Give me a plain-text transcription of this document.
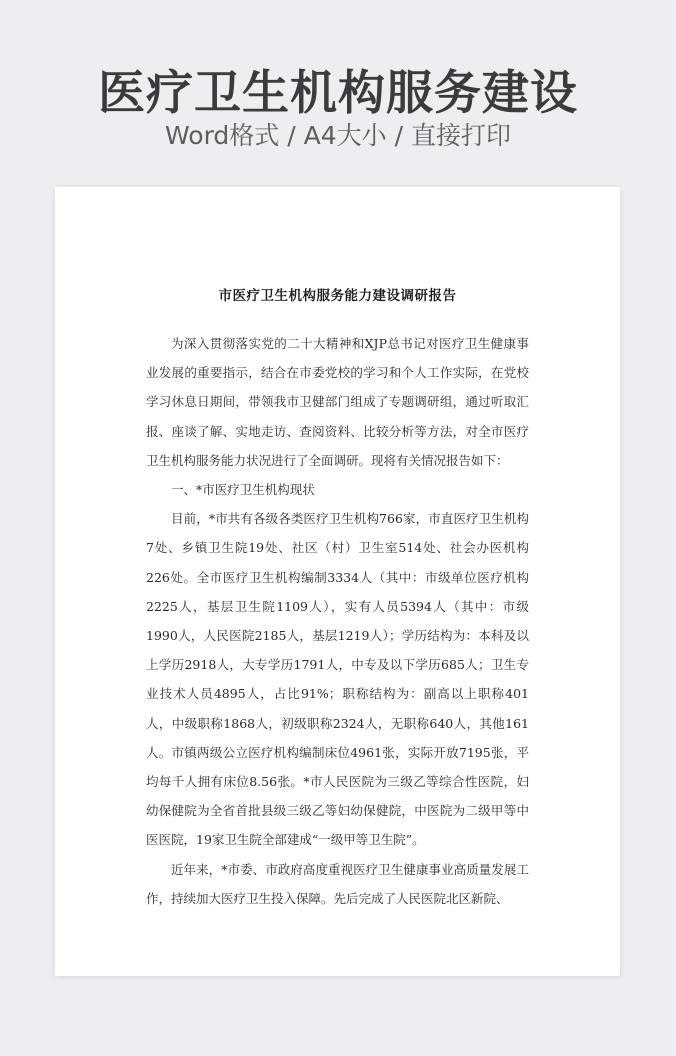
医疗卫生机构服务建设
Word格式 / A4大小 / 直接打印
市医疗卫生机构服务能力建设调研报告

为深入贯彻落实党的二十大精神和XJP总书记对医疗卫生健康事业发展的重要指示，结合在市委党校的学习和个人工作实际，在党校学习休息日期间，带领我市卫健部门组成了专题调研组，通过听取汇报、座谈了解、实地走访、查阅资料、比较分析等方法，对全市医疗卫生机构服务能力状况进行了全面调研。现将有关情况报告如下：

一、*市医疗卫生机构现状

目前，*市共有各级各类医疗卫生机构766家，市直医疗卫生机构7处、乡镇卫生院19处、社区（村）卫生室514处、社会办医机构226处。全市医疗卫生机构编制3334人（其中：市级单位医疗机构2225人，基层卫生院1109人），实有人员5394人（其中：市级1990人，人民医院2185人，基层1219人）；学历结构为：本科及以上学历2918人，大专学历1791人，中专及以下学历685人；卫生专业技术人员4895人，占比91%；职称结构为：副高以上职称401人，中级职称1868人，初级职称2324人，无职称640人，其他161人。市镇两级公立医疗机构编制床位4961张，实际开放7195张，平均每千人拥有床位8.56张。*市人民医院为三级乙等综合性医院，妇幼保健院为全省首批县级三级乙等妇幼保健院，中医院为二级甲等中医医院，19家卫生院全部建成“一级甲等卫生院”。

近年来，*市委、市政府高度重视医疗卫生健康事业高质量发展工作，持续加大医疗卫生投入保障。先后完成了人民医院北区新院、
